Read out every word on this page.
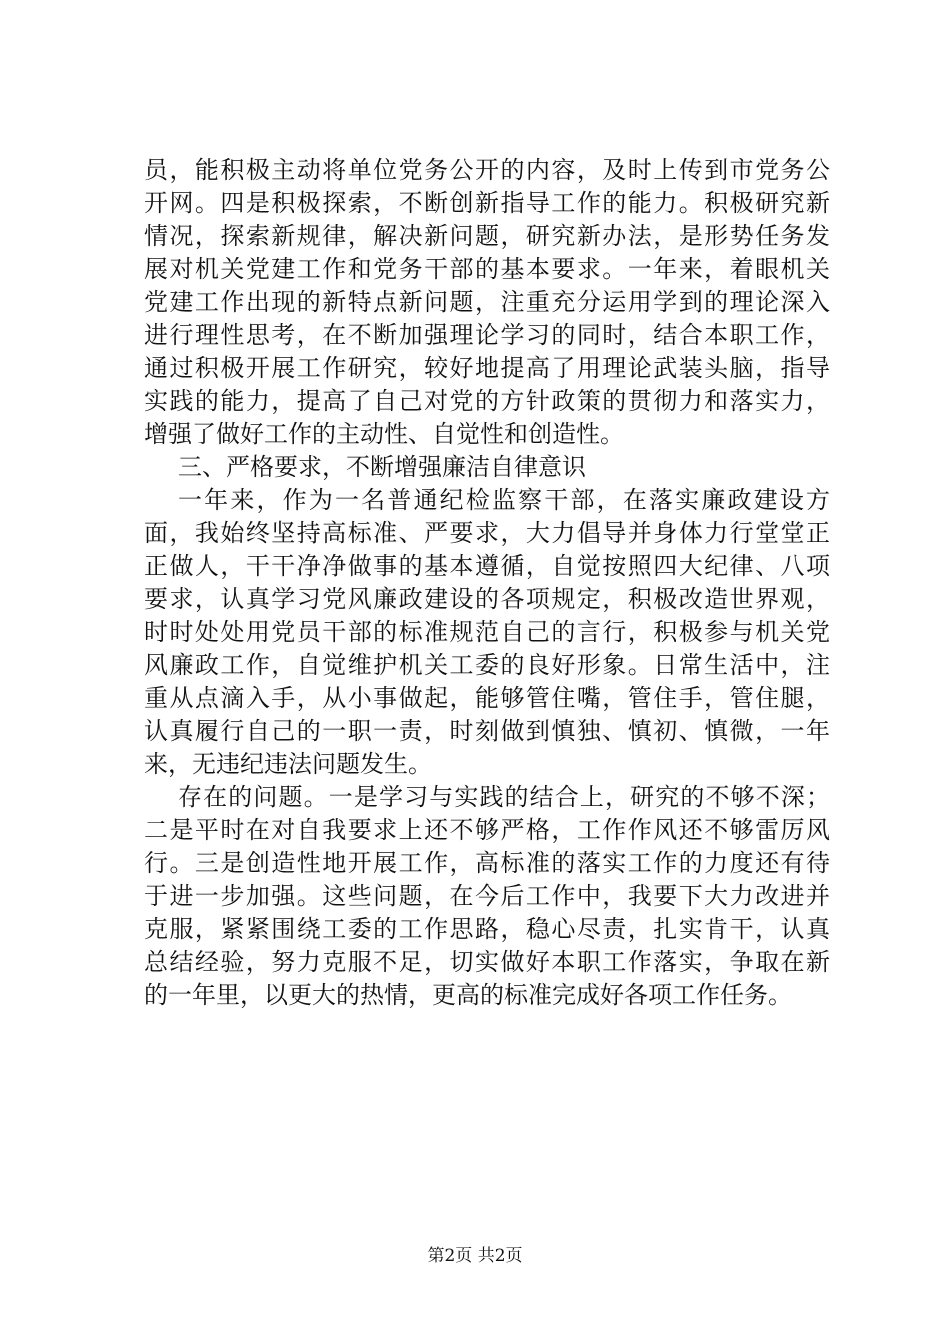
员，能积极主动将单位党务公开的内容，及时上传到市党务公
开网。四是积极探索，不断创新指导工作的能力。积极研究新
情况，探索新规律，解决新问题，研究新办法，是形势任务发
展对机关党建工作和党务干部的基本要求。一年来，着眼机关
党建工作出现的新特点新问题，注重充分运用学到的理论深入
进行理性思考，在不断加强理论学习的同时，结合本职工作，
通过积极开展工作研究，较好地提高了用理论武装头脑，指导
实践的能力，提高了自己对党的方针政策的贯彻力和落实力，
增强了做好工作的主动性、自觉性和创造性。
三、严格要求，不断增强廉洁自律意识
一年来，作为一名普通纪检监察干部，在落实廉政建设方
面，我始终坚持高标准、严要求，大力倡导并身体力行堂堂正
正做人，干干净净做事的基本遵循，自觉按照四大纪律、八项
要求，认真学习党风廉政建设的各项规定，积极改造世界观，
时时处处用党员干部的标准规范自己的言行，积极参与机关党
风廉政工作，自觉维护机关工委的良好形象。日常生活中，注
重从点滴入手，从小事做起，能够管住嘴，管住手，管住腿，
认真履行自己的一职一责，时刻做到慎独、慎初、慎微，一年
来，无违纪违法问题发生。
存在的问题。一是学习与实践的结合上，研究的不够不深；
二是平时在对自我要求上还不够严格，工作作风还不够雷厉风
行。三是创造性地开展工作，高标准的落实工作的力度还有待
于进一步加强。这些问题，在今后工作中，我要下大力改进并
克服，紧紧围绕工委的工作思路，稳心尽责，扎实肯干，认真
总结经验，努力克服不足，切实做好本职工作落实，争取在新
的一年里，以更大的热情，更高的标准完成好各项工作任务。
第2页 共2页
